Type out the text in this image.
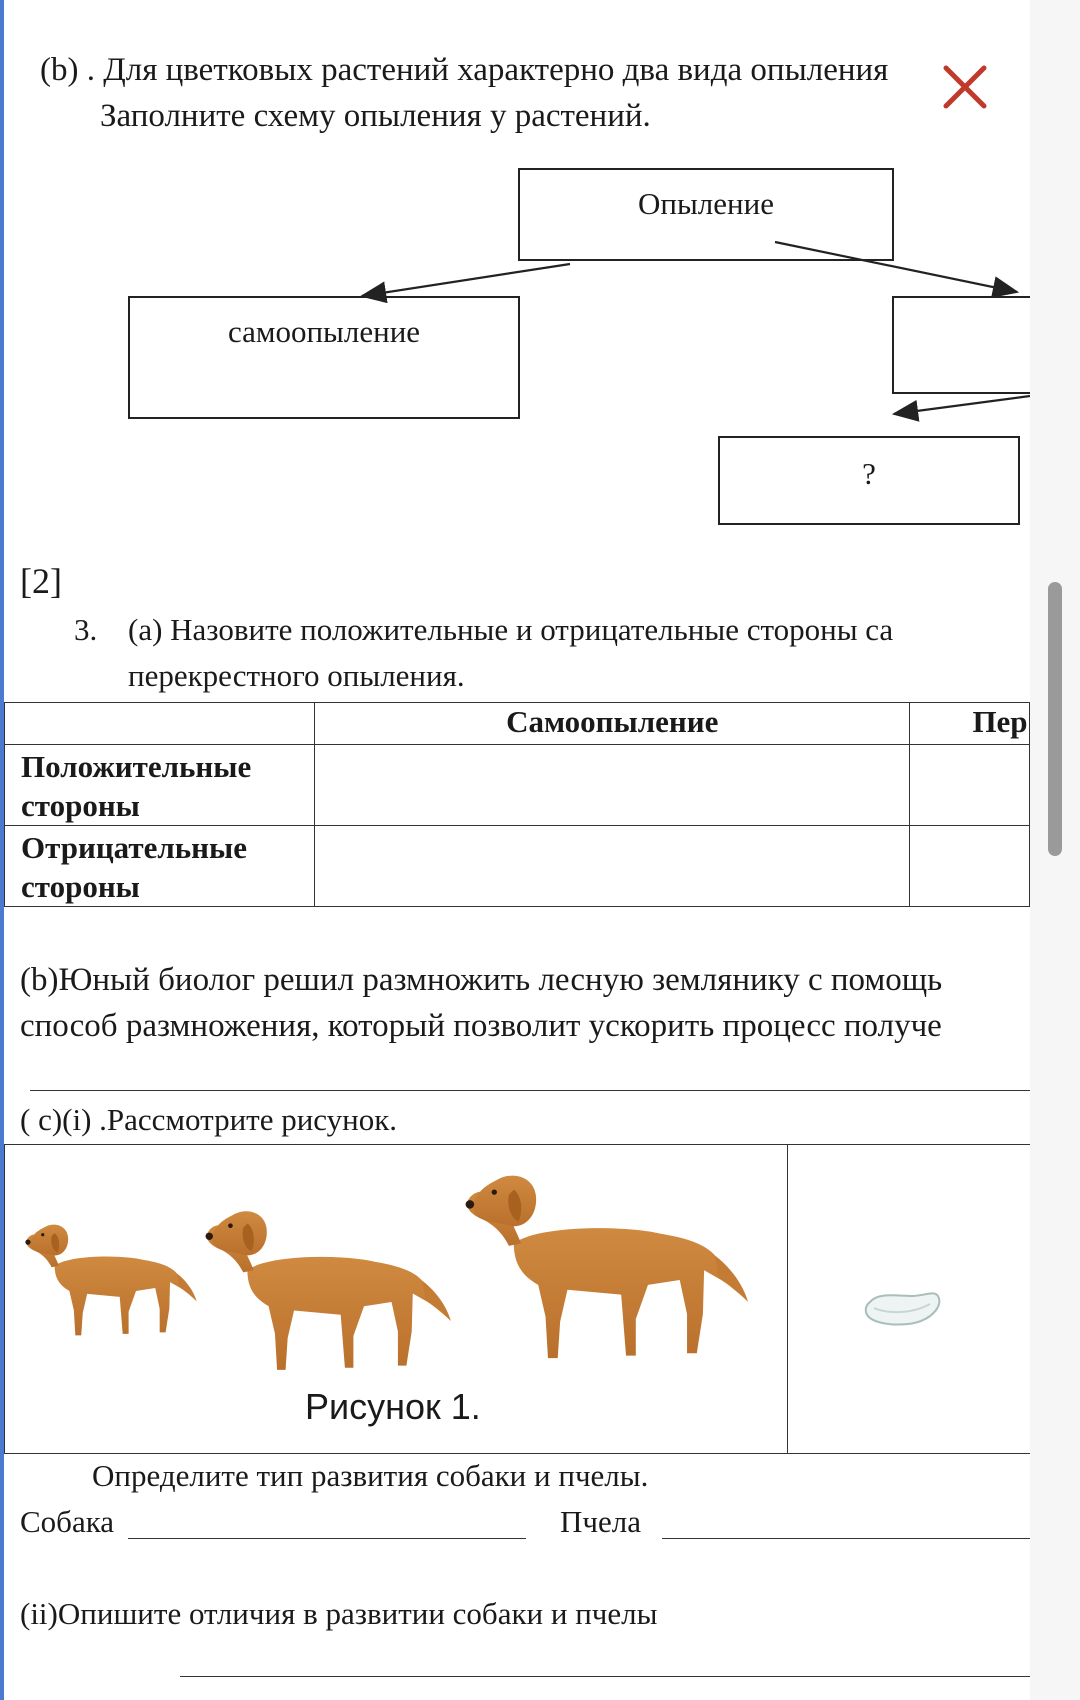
(b) . Для цветковых растений характерно два вида опыления
Заполните схему опыления у растений.
Опыление
самоопыление
?
[2]
3. (a) Назовите положительные и отрицательные стороны са
перекрестного опыления.
	Самоопыление	Пер

Положительные
стороны		

Отрицательные
стороны		

(b)Юный биолог решил размножить лесную землянику с помощь
способ размножения, который позволит ускорить процесс получе
( с)(i) .Рассмотрите рисунок.
Рисунок 1.
Определите тип развития собаки и пчелы.
Собака	Пчела
(ii)Опишите отличия в развитии собаки и пчелы
